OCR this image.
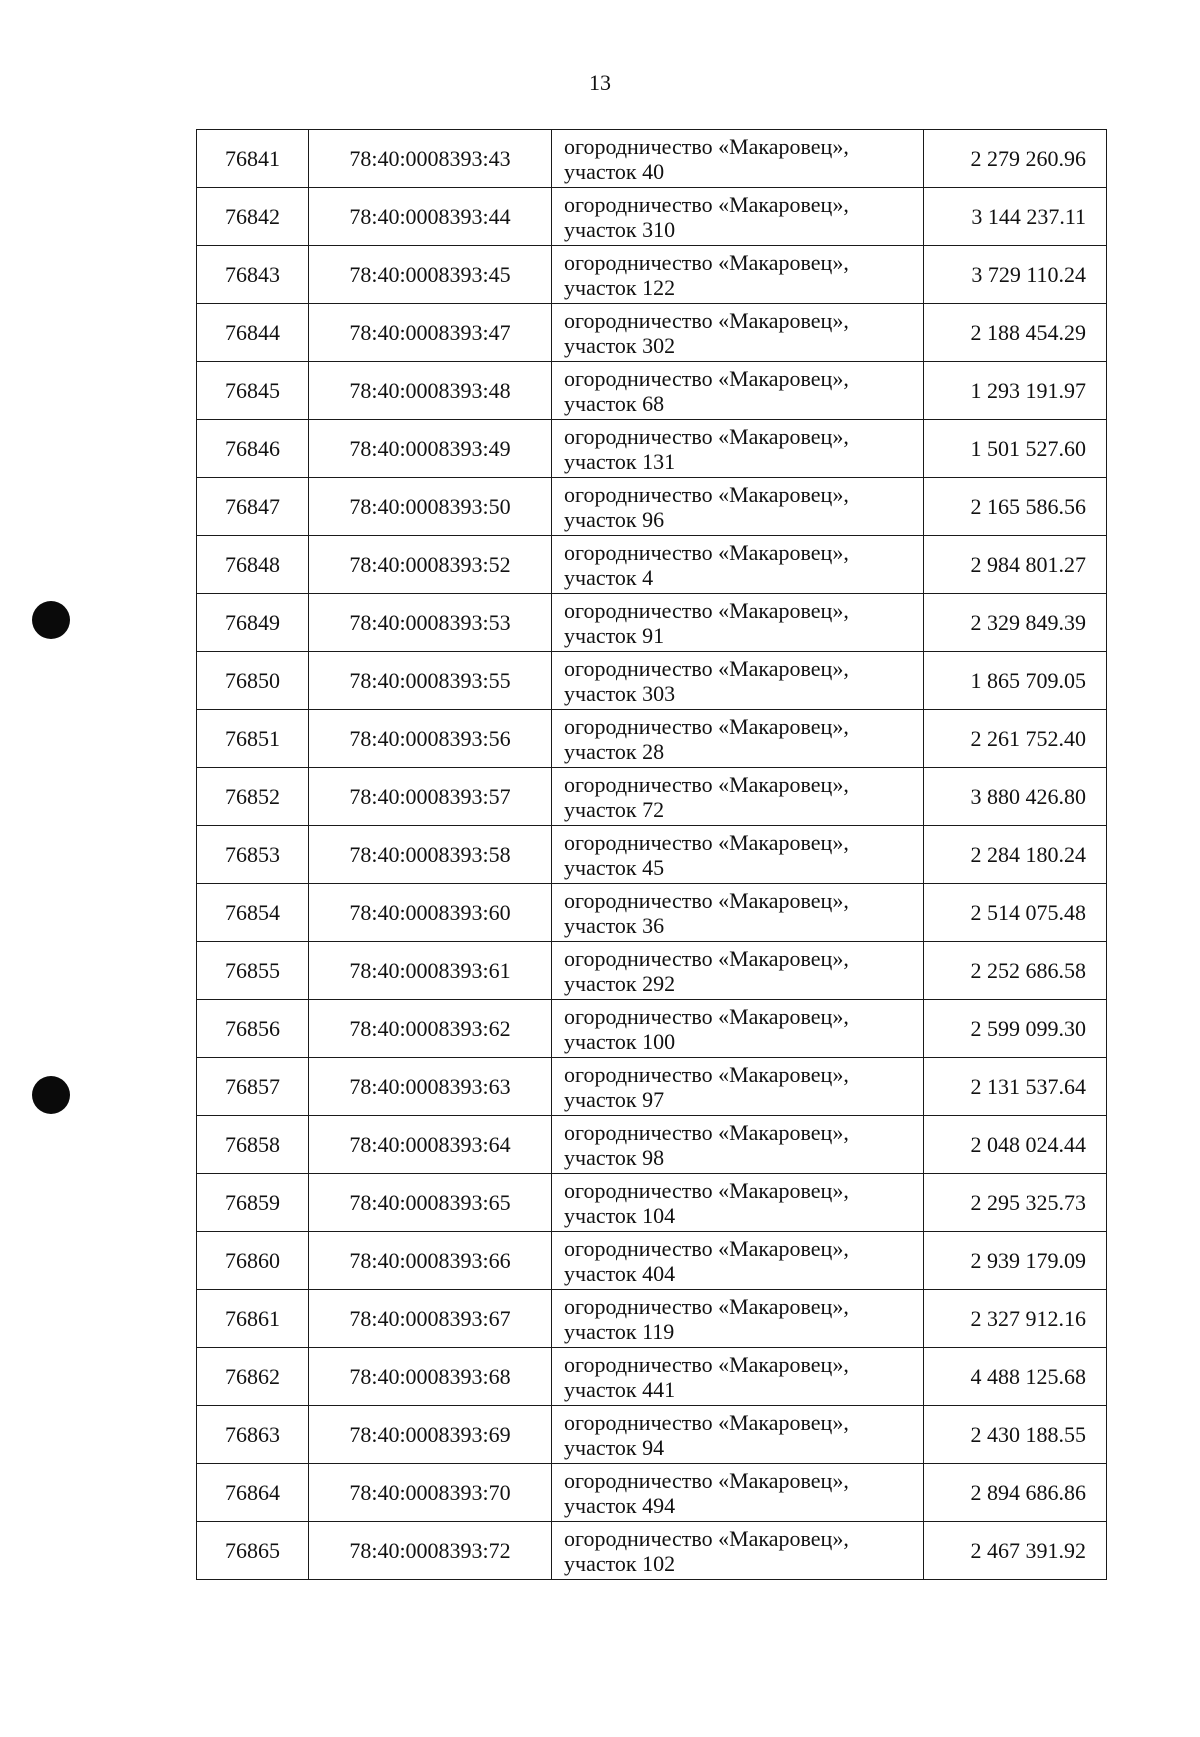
13
76841	78:40:0008393:43	огородничество «Макаровец»,
участок 40	2 279 260.96
76842	78:40:0008393:44	огородничество «Макаровец»,
участок 310	3 144 237.11
76843	78:40:0008393:45	огородничество «Макаровец»,
участок 122	3 729 110.24
76844	78:40:0008393:47	огородничество «Макаровец»,
участок 302	2 188 454.29
76845	78:40:0008393:48	огородничество «Макаровец»,
участок 68	1 293 191.97
76846	78:40:0008393:49	огородничество «Макаровец»,
участок 131	1 501 527.60
76847	78:40:0008393:50	огородничество «Макаровец»,
участок 96	2 165 586.56
76848	78:40:0008393:52	огородничество «Макаровец»,
участок 4	2 984 801.27
76849	78:40:0008393:53	огородничество «Макаровец»,
участок 91	2 329 849.39
76850	78:40:0008393:55	огородничество «Макаровец»,
участок 303	1 865 709.05
76851	78:40:0008393:56	огородничество «Макаровец»,
участок 28	2 261 752.40
76852	78:40:0008393:57	огородничество «Макаровец»,
участок 72	3 880 426.80
76853	78:40:0008393:58	огородничество «Макаровец»,
участок 45	2 284 180.24
76854	78:40:0008393:60	огородничество «Макаровец»,
участок 36	2 514 075.48
76855	78:40:0008393:61	огородничество «Макаровец»,
участок 292	2 252 686.58
76856	78:40:0008393:62	огородничество «Макаровец»,
участок 100	2 599 099.30
76857	78:40:0008393:63	огородничество «Макаровец»,
участок 97	2 131 537.64
76858	78:40:0008393:64	огородничество «Макаровец»,
участок 98	2 048 024.44
76859	78:40:0008393:65	огородничество «Макаровец»,
участок 104	2 295 325.73
76860	78:40:0008393:66	огородничество «Макаровец»,
участок 404	2 939 179.09
76861	78:40:0008393:67	огородничество «Макаровец»,
участок 119	2 327 912.16
76862	78:40:0008393:68	огородничество «Макаровец»,
участок 441	4 488 125.68
76863	78:40:0008393:69	огородничество «Макаровец»,
участок 94	2 430 188.55
76864	78:40:0008393:70	огородничество «Макаровец»,
участок 494	2 894 686.86
76865	78:40:0008393:72	огородничество «Макаровец»,
участок 102	2 467 391.92
